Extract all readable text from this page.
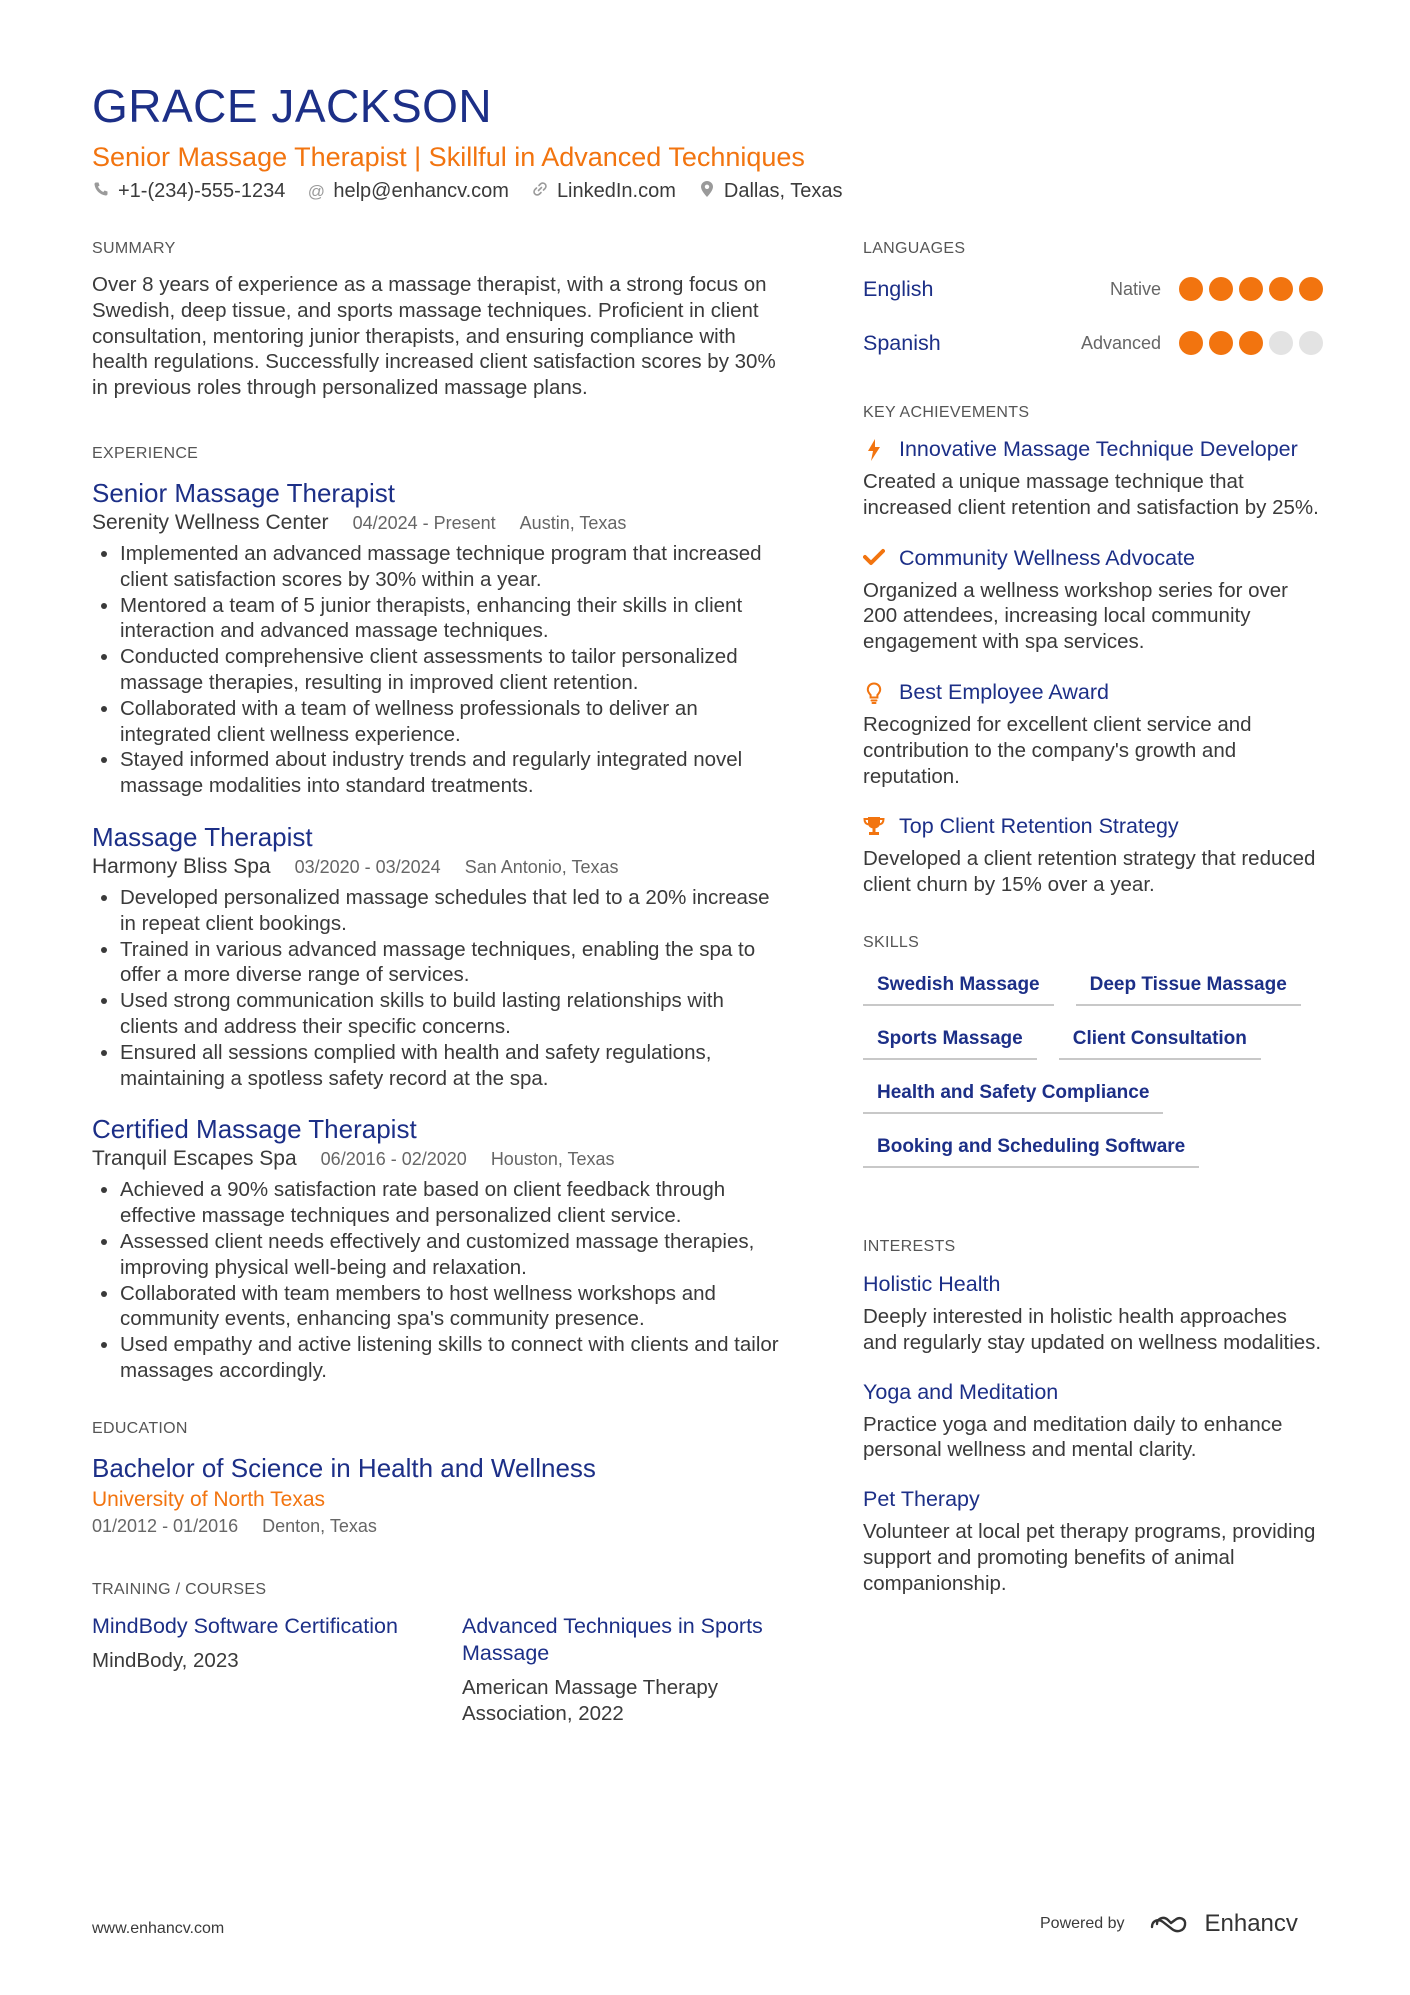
GRACE JACKSON
Senior Massage Therapist | Skillful in Advanced Techniques
+1-(234)-555-1234 @ help@enhancv.com LinkedIn.com Dallas, Texas
SUMMARY

Over 8 years of experience as a massage therapist, with a strong focus on Swedish, deep tissue, and sports massage techniques. Proficient in client consultation, mentoring junior therapists, and ensuring compliance with health regulations. Successfully increased client satisfaction scores by 30% in previous roles through personalized massage plans.

EXPERIENCE
Senior Massage Therapist
Serenity Wellness Center 04/2024 - Present Austin, Texas
• Implemented an advanced massage technique program that increased client satisfaction scores by 30% within a year.
• Mentored a team of 5 junior therapists, enhancing their skills in client interaction and advanced massage techniques.
• Conducted comprehensive client assessments to tailor personalized massage therapies, resulting in improved client retention.
• Collaborated with a team of wellness professionals to deliver an integrated client wellness experience.
• Stayed informed about industry trends and regularly integrated novel massage modalities into standard treatments.
Massage Therapist
Harmony Bliss Spa 03/2020 - 03/2024 San Antonio, Texas
• Developed personalized massage schedules that led to a 20% increase in repeat client bookings.
• Trained in various advanced massage techniques, enabling the spa to offer a more diverse range of services.
• Used strong communication skills to build lasting relationships with clients and address their specific concerns.
• Ensured all sessions complied with health and safety regulations, maintaining a spotless safety record at the spa.
Certified Massage Therapist
Tranquil Escapes Spa 06/2016 - 02/2020 Houston, Texas
• Achieved a 90% satisfaction rate based on client feedback through effective massage techniques and personalized client service.
• Assessed client needs effectively and customized massage therapies, improving physical well-being and relaxation.
• Collaborated with team members to host wellness workshops and community events, enhancing spa's community presence.
• Used empathy and active listening skills to connect with clients and tailor massages accordingly.
EDUCATION
Bachelor of Science in Health and Wellness
University of North Texas
01/2012 - 01/2016 Denton, Texas
TRAINING / COURSES
MindBody Software Certification
MindBody, 2023
Advanced Techniques in Sports Massage
American Massage Therapy Association, 2022
LANGUAGES
English	Native
Spanish	Advanced
KEY ACHIEVEMENTS
Innovative Massage Technique Developer
Created a unique massage technique that increased client retention and satisfaction by 25%.
Community Wellness Advocate
Organized a wellness workshop series for over 200 attendees, increasing local community engagement with spa services.
Best Employee Award
Recognized for excellent client service and contribution to the company's growth and reputation.
Top Client Retention Strategy
Developed a client retention strategy that reduced client churn by 15% over a year.
SKILLS
Swedish Massage	Deep Tissue Massage
Sports Massage	Client Consultation
Health and Safety Compliance
Booking and Scheduling Software
INTERESTS
Holistic Health
Deeply interested in holistic health approaches and regularly stay updated on wellness modalities.
Yoga and Meditation
Practice yoga and meditation daily to enhance personal wellness and mental clarity.
Pet Therapy
Volunteer at local pet therapy programs, providing support and promoting benefits of animal companionship.
www.enhancv.com	Powered by	Enhancv
